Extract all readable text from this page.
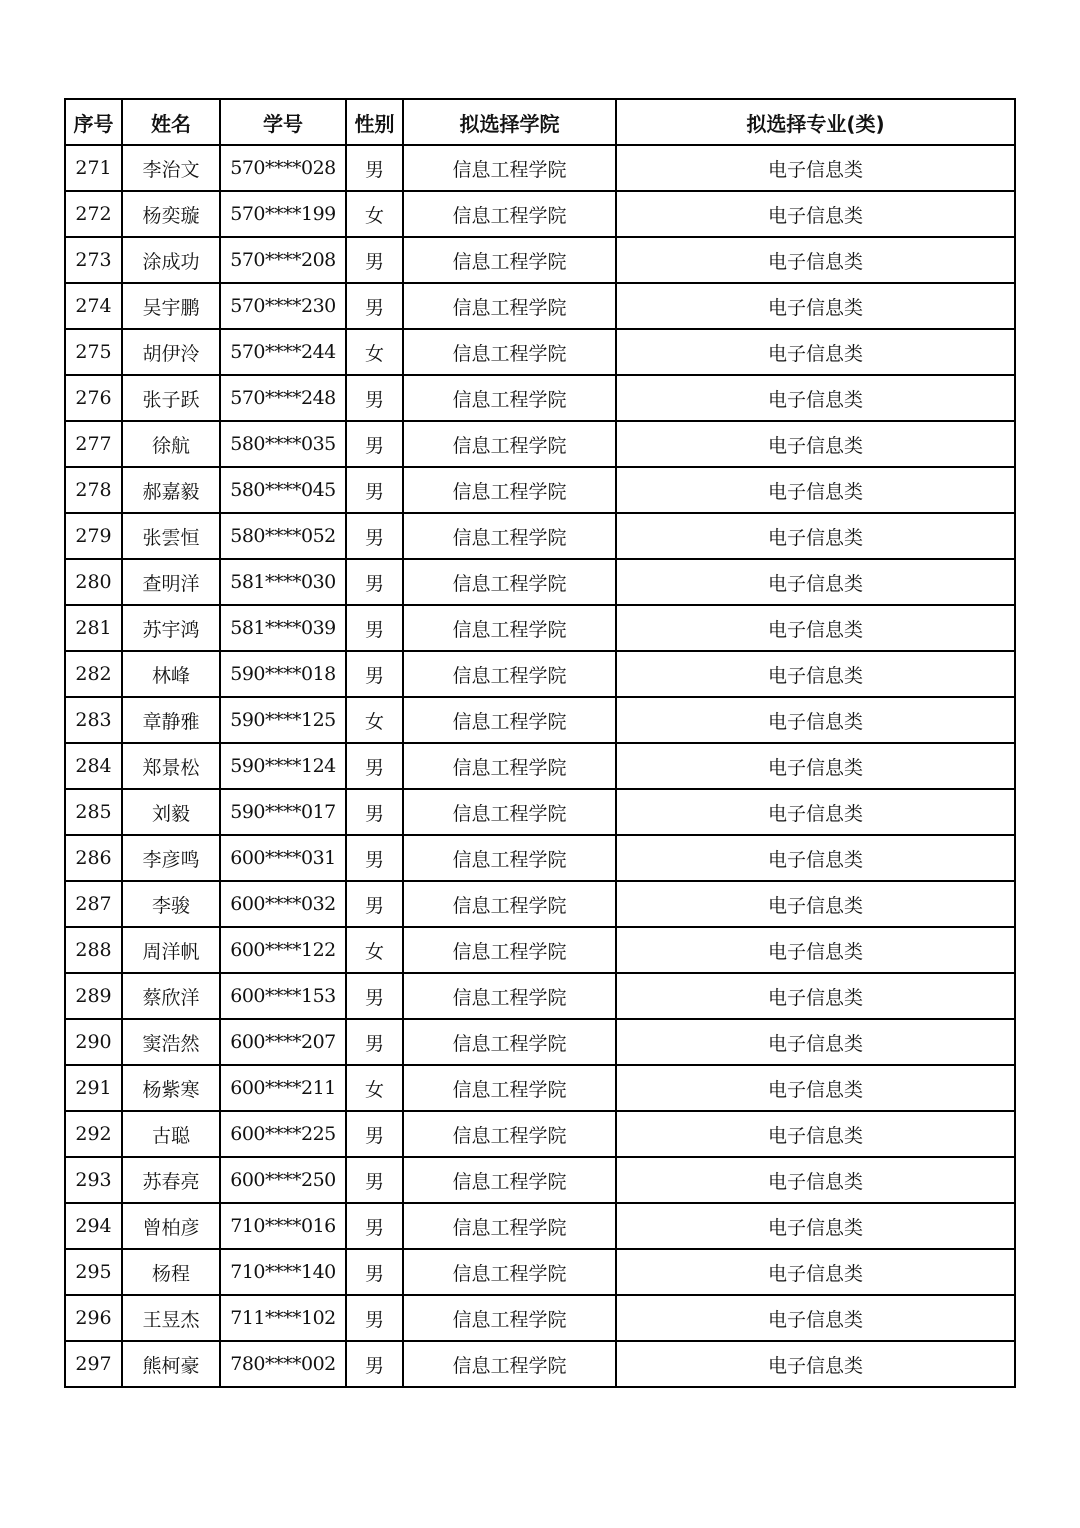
序号	姓名	学号	性别	拟选择学院	拟选择专业(类)
271	李治文	570****028	男	信息工程学院	电子信息类
272	杨奕璇	570****199	女	信息工程学院	电子信息类
273	涂成功	570****208	男	信息工程学院	电子信息类
274	吴宇鹏	570****230	男	信息工程学院	电子信息类
275	胡伊泠	570****244	女	信息工程学院	电子信息类
276	张子跃	570****248	男	信息工程学院	电子信息类
277	徐航	580****035	男	信息工程学院	电子信息类
278	郝嘉毅	580****045	男	信息工程学院	电子信息类
279	张雲恒	580****052	男	信息工程学院	电子信息类
280	查明洋	581****030	男	信息工程学院	电子信息类
281	苏宇鸿	581****039	男	信息工程学院	电子信息类
282	林峰	590****018	男	信息工程学院	电子信息类
283	章静雅	590****125	女	信息工程学院	电子信息类
284	郑景松	590****124	男	信息工程学院	电子信息类
285	刘毅	590****017	男	信息工程学院	电子信息类
286	李彦鸣	600****031	男	信息工程学院	电子信息类
287	李骏	600****032	男	信息工程学院	电子信息类
288	周洋帆	600****122	女	信息工程学院	电子信息类
289	蔡欣洋	600****153	男	信息工程学院	电子信息类
290	窦浩然	600****207	男	信息工程学院	电子信息类
291	杨紫寒	600****211	女	信息工程学院	电子信息类
292	古聪	600****225	男	信息工程学院	电子信息类
293	苏春亮	600****250	男	信息工程学院	电子信息类
294	曾柏彦	710****016	男	信息工程学院	电子信息类
295	杨程	710****140	男	信息工程学院	电子信息类
296	王昱杰	711****102	男	信息工程学院	电子信息类
297	熊柯豪	780****002	男	信息工程学院	电子信息类
